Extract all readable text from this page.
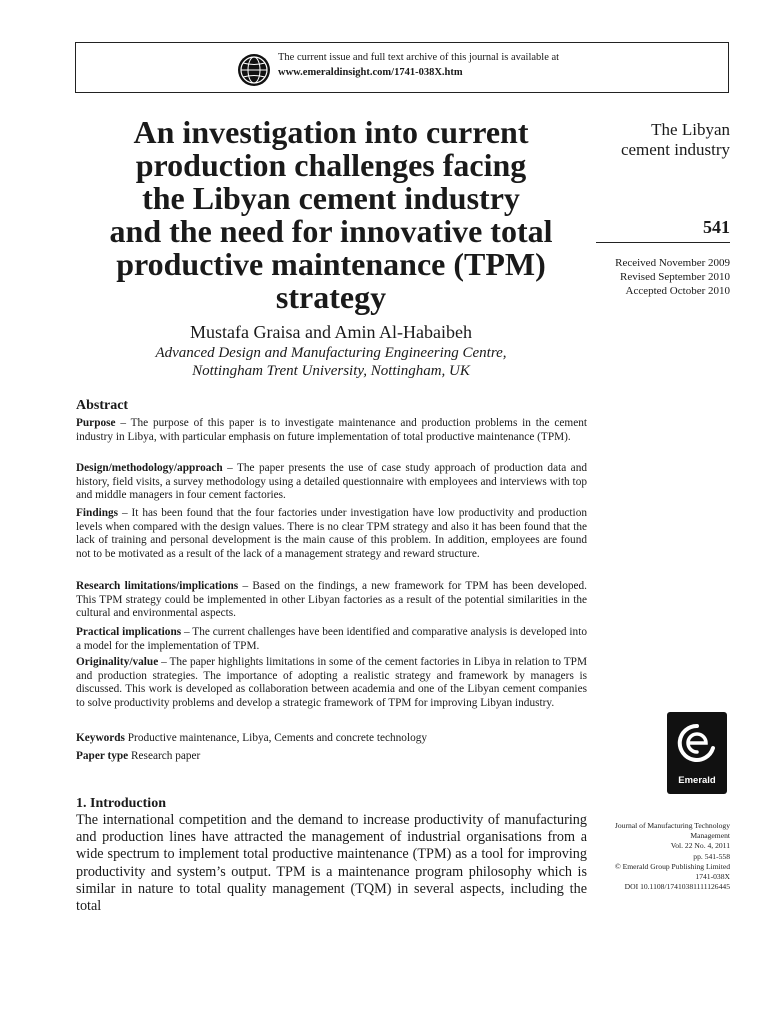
The current issue and full text archive of this journal is available at
www.emeraldinsight.com/1741-038X.htm
An investigation into current
production challenges facing
the Libyan cement industry
and the need for innovative total
productive maintenance (TPM)
strategy
Mustafa Graisa and Amin Al-Habaibeh
Advanced Design and Manufacturing Engineering Centre,
Nottingham Trent University, Nottingham, UK
The Libyan
cement industry
541
Received November 2009
Revised September 2010
Accepted October 2010
Abstract
Purpose – The purpose of this paper is to investigate maintenance and production problems in the cement industry in Libya, with particular emphasis on future implementation of total productive maintenance (TPM).
Design/methodology/approach – The paper presents the use of case study approach of production data and history, field visits, a survey methodology using a detailed questionnaire with employees and interviews with top and middle managers in four cement factories.
Findings – It has been found that the four factories under investigation have low productivity and production levels when compared with the design values. There is no clear TPM strategy and also it has been found that the lack of training and personal development is the main cause of this problem. In addition, employees are found not to be motivated as a result of the lack of a management strategy and reward structure.
Research limitations/implications – Based on the findings, a new framework for TPM has been developed. This TPM strategy could be implemented in other Libyan factories as a result of the potential similarities in the cultural and environmental aspects.
Practical implications – The current challenges have been identified and comparative analysis is developed into a model for the implementation of TPM.
Originality/value – The paper highlights limitations in some of the cement factories in Libya in relation to TPM and production strategies. The importance of adopting a realistic strategy and framework by managers is discussed. This work is developed as collaboration between academia and one of the Libyan cement companies to solve productivity problems and develop a strategic framework of TPM for improving Libyan industry.
Keywords Productive maintenance, Libya, Cements and concrete technology
Paper type Research paper
Emerald
1. Introduction
The international competition and the demand to increase productivity of manufacturing and production lines have attracted the management of industrial organisations from a wide spectrum to implement total productive maintenance (TPM) as a tool for improving productivity and system’s output. TPM is a maintenance program philosophy which is similar in nature to total quality management (TQM) in several aspects, including the total
Journal of Manufacturing Technology
Management
Vol. 22 No. 4, 2011
pp. 541-558
© Emerald Group Publishing Limited
1741-038X
DOI 10.1108/17410381111126445
